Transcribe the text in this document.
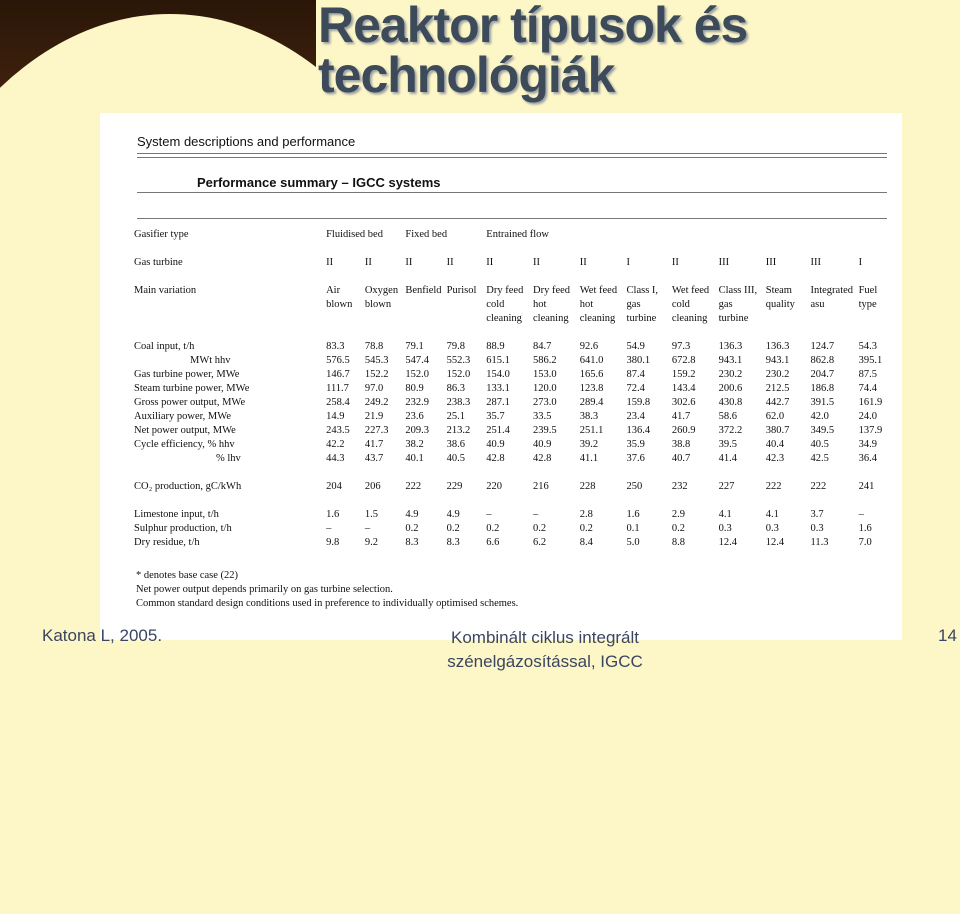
Reaktor típusok és
technológiák
System descriptions and performance
Performance summary – IGCC systems
Gasifier type	Fluidised bed		Fixed bed		Entrained flow								

Gas turbine	II	II	II	II	II	II	II	I	II	III	III	III	I

Main variation	Air	Oxygen	Benfield	Purisol	Dry feed	Dry feed	Wet feed	Class I,	Wet feed	Class III,	Steam	Integrated	Fuel
	blown	blown			cold	hot	hot	gas	cold	gas	quality	asu	type
					cleaning	cleaning	cleaning	turbine	cleaning	turbine			

Coal input, t/h	83.3	78.8	79.1	79.8	88.9	84.7	92.6	54.9	97.3	136.3	136.3	124.7	54.3
MWt hhv	576.5	545.3	547.4	552.3	615.1	586.2	641.0	380.1	672.8	943.1	943.1	862.8	395.1
Gas turbine power, MWe	146.7	152.2	152.0	152.0	154.0	153.0	165.6	87.4	159.2	230.2	230.2	204.7	87.5
Steam turbine power, MWe	111.7	97.0	80.9	86.3	133.1	120.0	123.8	72.4	143.4	200.6	212.5	186.8	74.4
Gross power output, MWe	258.4	249.2	232.9	238.3	287.1	273.0	289.4	159.8	302.6	430.8	442.7	391.5	161.9
Auxiliary power, MWe	14.9	21.9	23.6	25.1	35.7	33.5	38.3	23.4	41.7	58.6	62.0	42.0	24.0
Net power output, MWe	243.5	227.3	209.3	213.2	251.4	239.5	251.1	136.4	260.9	372.2	380.7	349.5	137.9
Cycle efficiency, % hhv	42.2	41.7	38.2	38.6	40.9	40.9	39.2	35.9	38.8	39.5	40.4	40.5	34.9
% lhv	44.3	43.7	40.1	40.5	42.8	42.8	41.1	37.6	40.7	41.4	42.3	42.5	36.4

CO₂ production, gC/kWh	204	206	222	229	220	216	228	250	232	227	222	222	241

Limestone input, t/h	1.6	1.5	4.9	4.9	–	–	2.8	1.6	2.9	4.1	4.1	3.7	–
Sulphur production, t/h	–	–	0.2	0.2	0.2	0.2	0.2	0.1	0.2	0.3	0.3	0.3	1.6
Dry residue, t/h	9.8	9.2	8.3	8.3	6.6	6.2	8.4	5.0	8.8	12.4	12.4	11.3	7.0
* denotes base case (22)
Net power output depends primarily on gas turbine selection.
Common standard design conditions used in preference to individually optimised schemes.
Katona L, 2005.	Kombinált ciklus integrált
szénelgázosítással, IGCC
14
